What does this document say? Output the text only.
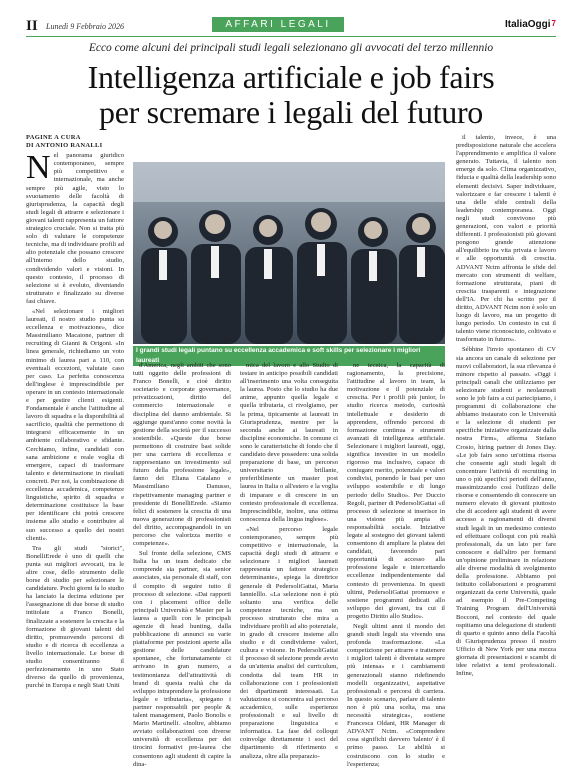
II Lunedì 9 Febbraio 2026	AFFARI LEGALI	ItaliaOggi$^7$
Ecco come alcuni dei principali studi legali selezionano gli avvocati del terzo millennio
Intelligenza artificiale e job fairs
per scremare i legali del futuro

PAGINE A CURA
DI ANTONIO RANALLI

Nel panorama giuridico contemporaneo, sempre più competitivo e internazionale, ma anche sempre più agile, visto lo svuotamento delle facoltà di giurisprudenza, la capacità degli studi legali di attrarre e selezionare i giovani talenti rappresenta un fattore strategico cruciale. Non si tratta più solo di valutare le competenze tecniche, ma di individuare profili ad alto potenziale che possano crescere all'interno dello studio, condividendo valori e visioni. In questo contesto, il processo di selezione si è evoluto, diventando strutturato e finalizzato su diverse fasi chiave.

«Nel selezionare i migliori laureati, il nostro studio punta su eccellenza e motivazione», dice Massimiliano Macaione, partner di recruiting di Gianni & Origoni. «In linea generale, richiediamo un voto minimo di laurea pari a 110, con eventuali eccezioni, valutate caso per caso. La perfetta conoscenza dell'inglese è imprescindibile per operare in un contesto internazionale e per gestire clienti esigenti. Fondamentale è anche l'attitudine al lavoro di squadra e la disponibilità al sacrificio, qualità che permettono di integrarsi efficacemente in un ambiente collaborativo e sfidante. Cerchiamo, infine, candidati con sana ambizione e reale voglia di emergere, capaci di trasformare talento e determinazione in risultati concreti. Per noi, la combinazione di eccellenza accademica, competenze linguistiche, spirito di squadra e determinazione costituisce la base per identificare chi potrà crescere insieme allo studio e contribuire al suo successo a quello dei nostri clienti».

Tra gli studi "storici", BonelliErede è uno di quelli che punta sui migliori avvocati, tra le altre cose, dello strumento delle borse di studio per selezionare le candidature. Pochi giorni fa lo studio ha lanciato la decima edizione per l'assegnazione di due borse di studio intitolate a Franco Bonelli, finalizzate a sostenere la crescita e la formazione di giovani talenti del diritto, promuovendo percorsi di studio e di ricerca di eccellenza a livello internazionale. Le borse di studio consentiranno il perfezionamento in uno Stato diverso da quello di provenienza, purché in Europa e negli Stati Uniti

I grandi studi legali puntano su eccellenza accademica e soft skills per selezionare i migliori laureati

d'America, negli ambiti che sono tutti oggetto delle professioni di Franco Bonelli, e cioè diritto societario e corporate governance, privatizzazioni, diritto del commercio internazionale e disciplina del danno ambientale. Si aggiunge quest'anno come novità la gestione della società per il successo sostenibile. «Queste due borse permettono di costruire basi solide per una carriera di eccellenza e rappresentano un investimento sul futuro della professione legale», fanno dei Eliana Catalano e Massimiliano Danusso, rispettivamente managing partner e presidente di BonelliErede. «Siamo felici di sostenere la crescita di una nuova generazione di professionisti del diritto, accompagnandoli in un percorso che valorizza merito e competenze».

Sul fronte della selezione, CMS Italia ha un team dedicato che comprende sia partner, sia senior associates, sia personale di staff, con il compito di seguire tutto il processo di selezione. «Dai rapporti con i placement office delle principali Università e Master per la laurea a quelli con le principali agenzie di head hunting, dalla pubblicazione di annunci su varie piattaforme per posizioni aperte alla gestione delle candidature spontanee, che fortunatamente ci arrivano in gran numero, a testimonianza dell'attrattività di brand di questa realtà che da sviluppo intraprendere la professione legale e tributaria», spiegano i partner responsabili per people & talent management, Paolo Bonolis e Mario Martinelli. «Inoltre, abbiamo avviato collaborazioni con diverse università di eccellenza per dei tirocini formativi pre-laurea che consentono agli studenti di capire la dina-

mica del lavoro e allo Studio di testare in anticipo possibili candidati all'inserimento una volta conseguita la laurea. Posto che lo studio ha due anime, appunto quella legale e quella tributaria, ci rivolgiamo, per la prima, tipicamente ai laureati in Giurisprudenza, mentre per la seconda anche ai laureati in discipline economiche. In comune ci sono le caratteristiche di fondo che il candidato deve possedere: una solida preparazione di base, un percorso universitario brillante, preferibilmente un master post laurea in Italia o all'estero e la voglia di imparare e di crescere in un contesto professionale di eccellenza. Imprescindibile, inoltre, una ottima conoscenza della lingua inglese».

«Nel percorso legale contemporaneo, sempre più competitivo e internazionale, la capacità degli studi di attrarre e selezionare i migliori laureati rappresenta un fattore strategico determinante», spiega la direttrice generale di PedersoliGattai, Maria Iannielllo. «La selezione non è più soltanto una verifica delle competenze tecniche, ma un processo strutturato che mira a individuare profili ad alto potenziale, in grado di crescere insieme allo studio e di condividerne valori, cultura e visione. In PedersoliGattai il processo di selezione prende avvio da un'attenta analisi del curriculum, condotta dal team HR in collaborazione con i professionisti dei dipartimenti interessati. La valutazione si concentra sul percorso accademico, sulle esperienze professionali e sul livello di preparazione linguistica e informatica. La fase del colloqui coinvolge direttamente i soci del dipartimento di riferimento e analizza, oltre alla preparazio-

ne tecnica, la capacità di ragionamento, la precisione, l'attitudine al lavoro in team, la motivazione e il potenziale di crescita. Per i profili più junior, lo studio ricerca metodo, curiosità intellettuale e desiderio di apprendere, offrendo percorsi di formazione continua e strumenti avanzati di intelligenza artificiale. Selezionare i migliori laureati, oggi, significa investire in un modello rigoroso ma inclusivo, capace di coniugare merito, potenziale e valori condivisi, ponendo le basi per uno sviluppo sostenibile e di lungo periodo dello Studio». Per Duccio Regoli, partner di PedersoliGattai «il processo di selezione si inserisce in una visione più ampia di responsabilità sociale. Iniziative legate al sostegno dei giovani talenti consentono di ampliare la platea dei candidati, favorendo pari opportunità di accesso alla professione legale e intercettando eccellenze indipendentemente dal contesto di provenienza. In questi ultimi, PedersoliGattai promuove e sostiene programmi dedicati allo sviluppo dei giovani, tra cui il progetto Diritto allo Studio».

Negli ultimi anni il mondo dei grandi studi legali sta vivendo una profonda trasformazione. «La competizione per attrarre e trattenere i migliori talenti è diventata sempre più intensa» e i cambiamenti generazionali stanno ridefinendo modelli organizzativi, aspettative professionali e percorsi di carriera. In questo scenario, parlare di talento non è più una scelta, ma una necessità strategica», sostiene Francesca Oldani, HR Manager di ADVANT Nctm. «Comprendere cosa significhi davvero 'talento' è il primo passo. Le abilità si costruiscono con lo studio e l'esperienza;

il talento, invece, è una predisposizione naturale che accelera l'apprendimento e amplifica il valore generato. Tuttavia, il talento non emerge da solo. Clima organizzativo, fiducia e qualità della leadership sono elementi decisivi. Saper individuare, valorizzare e far crescere i talenti è una delle sfide centrali della leadership contemporanea. Oggi negli studi convivono più generazioni, con valori e priorità differenti. I professionisti più giovani pongono grande attenzione all'equilibrio tra vita privata e lavoro e alle opportunità di crescita. ADVANT Nctm affronta le sfide del mercato con strumenti di welfare, formazione strutturata, piani di crescita trasparenti e integrazione dell'IA. Per chi ha scritto per il diritto, ADVANT Nctm non è solo un luogo di lavoro, ma un progetto di lungo periodo. Un contesto in cui il talento viene riconosciuto, coltivato e trasformato in futuro».

Sébhine l'invio spontaneo di CV sia ancora un canale di selezione per nuovi collaboratori, la sua rilevanza è minore rispetto al passato. «Oggi i principali canali che utilizziamo per selezionare studenti e neolaureati sono le job fairs a cui partecipiamo, i programmi di collaborazione che abbiamo instaurato con le Università e la selezione di studenti per specifiche iniziative organizzate dalla nostra Firm», afferma Stefano Crosio, hiring partner di Jones Day. «Le job fairs sono un'ottima risorsa che consente agli studi legali di concentrare l'attività di recruiting in uno o più specifici periodi dell'anno, massimizzando così l'utilizzo delle risorse e consentendo di conoscere un numero elevato di giovani piuttosto che di accedere agli studenti di avere accesso a ragionamenti di diversi studi legali in un medesimo contesto ed effettuare colloqui con più realtà professionali, da un lato per fare conoscere e dall'altro per formarsi un'opinione preliminare in relazione alle diverse modalità di svolgimento della professione. Abbiamo poi istituito collaborazioni e programmi organizzati da certe Università, quale ad esempio il Pre-Competing Training Program dell'Università Bocconi, nel contesto del quale ospitiamo una delegazione di studenti di quarto e quinto anno della Facoltà di Giurisprudenza presso il nostro Ufficio di New York per una mezza giornata di presentazioni e scambi di idee relativi a temi professionali. Infine,
